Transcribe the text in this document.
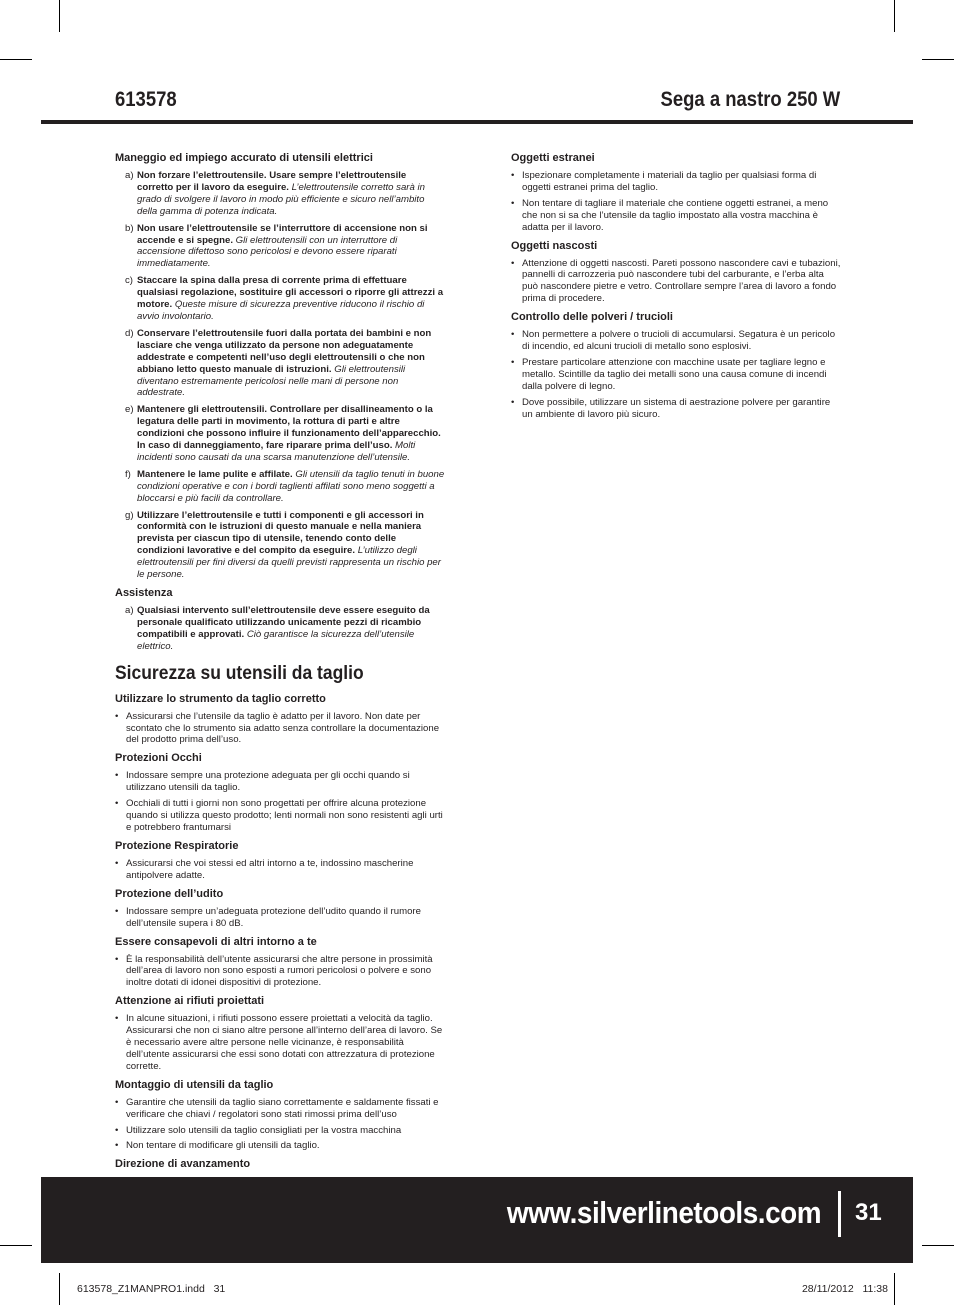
613578	Sega a nastro 250 W
Maneggio ed impiego accurato di utensili elettrici
a) Non forzare l’elettroutensile. Usare sempre l’elettroutensile corretto per il lavoro da eseguire. L’elettroutensile corretto sarà in grado di svolgere il lavoro in modo più efficiente e sicuro nell’ambito della gamma di potenza indicata.
b) Non usare l’elettroutensile se l’interruttore di accensione non si accende e si spegne. Gli elettroutensili con un interruttore di accensione difettoso sono pericolosi e devono essere riparati immediatamente.
c) Staccare la spina dalla presa di corrente prima di effettuare qualsiasi regolazione, sostituire gli accessori o riporre gli attrezzi a motore. Queste misure di sicurezza preventive riducono il rischio di avvio involontario.
d) Conservare l’elettroutensile fuori dalla portata dei bambini e non lasciare che venga utilizzato da persone non adeguatamente addestrate e competenti nell’uso degli elettroutensili o che non abbiano letto questo manuale di istruzioni. Gli elettroutensili diventano estremamente pericolosi nelle mani di persone non addestrate.
e) Mantenere gli elettroutensili. Controllare per disallineamento o la legatura delle parti in movimento, la rottura di parti e altre condizioni che possono influire il funzionamento dell’apparecchio. In caso di danneggiamento, fare riparare prima dell’uso. Molti incidenti sono causati da una scarsa manutenzione dell’utensile.
f) Mantenere le lame pulite e affilate. Gli utensili da taglio tenuti in buone condizioni operative e con i bordi taglienti affilati sono meno soggetti a bloccarsi e più facili da controllare.
g) Utilizzare l’elettroutensile e tutti i componenti e gli accessori in conformità con le istruzioni di questo manuale e nella maniera prevista per ciascun tipo di utensile, tenendo conto delle condizioni lavorative e del compito da eseguire. L’utilizzo degli elettroutensili per fini diversi da quelli previsti rappresenta un rischio per le persone.
Assistenza
a) Qualsiasi intervento sull’elettroutensile deve essere eseguito da personale qualificato utilizzando unicamente pezzi di ricambio compatibili e approvati. Ciò garantisce la sicurezza dell’utensile elettrico.
Sicurezza su utensili da taglio
Utilizzare lo strumento da taglio corretto
• Assicurarsi che l’utensile da taglio è adatto per il lavoro. Non date per scontato che lo strumento sia adatto senza controllare la documentazione del prodotto prima dell’uso.
Protezioni Occhi
• Indossare sempre una protezione adeguata per gli occhi quando si utilizzano utensili da taglio.
• Occhiali di tutti i giorni non sono progettati per offrire alcuna protezione quando si utilizza questo prodotto; lenti normali non sono resistenti agli urti e potrebbero frantumarsi
Protezione Respiratorie
• Assicurarsi che voi stessi ed altri intorno a te, indossino mascherine antipolvere adatte.
Protezione dell’udito
• Indossare sempre un’adeguata protezione dell’udito quando il rumore dell’utensile supera i 80 dB.
Essere consapevoli di altri intorno a te
• È la responsabilità dell’utente assicurarsi che altre persone in prossimità dell’area di lavoro non sono esposti a rumori pericolosi o polvere e sono inoltre dotati di idonei dispositivi di protezione.
Attenzione ai rifiuti proiettati
• In alcune situazioni, i rifiuti possono essere proiettati a velocità da taglio. Assicurarsi che non ci siano altre persone all’interno dell’area di lavoro. Se è necessario avere altre persone nelle vicinanze, è responsabilità dell’utente assicurarsi che essi sono dotati con attrezzatura di protezione corrette.
Montaggio di utensili da taglio
• Garantire che utensili da taglio siano correttamente e saldamente fissati e verificare che chiavi / regolatori sono stati rimossi prima dell’uso
• Utilizzare solo utensili da taglio consigliati per la vostra macchina
• Non tentare di modificare gli utensili da taglio.
Direzione di avanzamento
•
•
Oggetti estranei
• Ispezionare completamente i materiali da taglio per qualsiasi forma di oggetti estranei prima del taglio.
• Non tentare di tagliare il materiale che contiene oggetti estranei, a meno che non si sa che l’utensile da taglio impostato alla vostra macchina è adatta per il lavoro.
Oggetti nascosti
• Attenzione di oggetti nascosti. Pareti possono nascondere cavi e tubazioni, pannelli di carrozzeria può nascondere tubi del carburante, e l’erba alta può nascondere pietre e vetro. Controllare sempre l’area di lavoro a fondo prima di procedere.
Controllo delle polveri / trucioli
• Non permettere a polvere o trucioli di accumularsi. Segatura è un pericolo di incendio, ed alcuni trucioli di metallo sono esplosivi.
• Prestare particolare attenzione con macchine usate per tagliare legno e metallo. Scintille da taglio dei metalli sono una causa comune di incendi dalla polvere di legno.
• Dove possibile, utilizzare un sistema di aestrazione polvere per garantire un ambiente di lavoro più sicuro.
www.silverlinetools.com 31
613578_Z1MANPRO1.indd   31	28/11/2012   11:38
